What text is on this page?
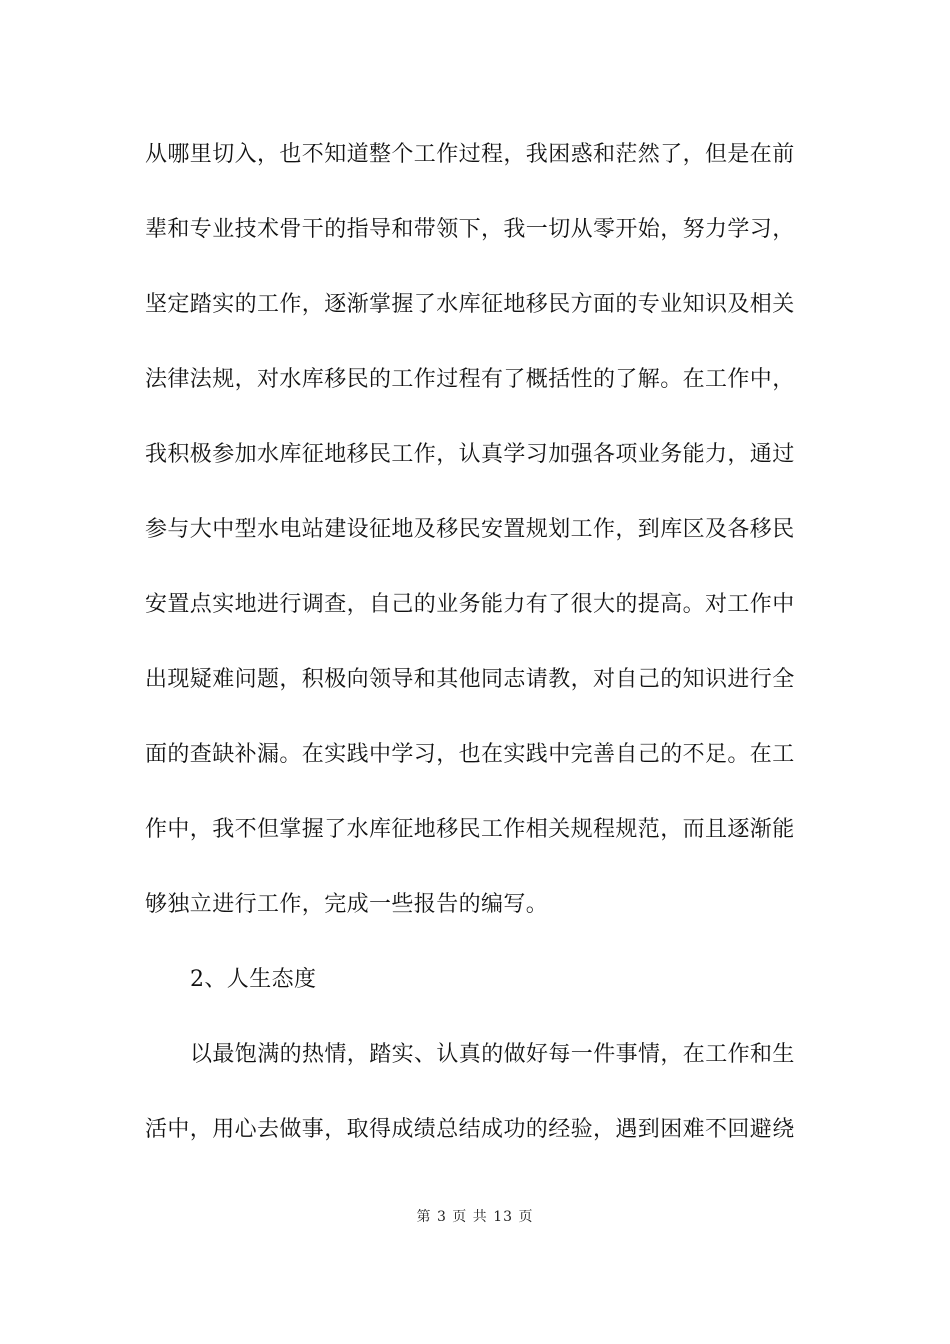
从哪里切入，也不知道整个工作过程，我困惑和茫然了，但是在前
辈和专业技术骨干的指导和带领下，我一切从零开始，努力学习，
坚定踏实的工作，逐渐掌握了水库征地移民方面的专业知识及相关
法律法规，对水库移民的工作过程有了概括性的了解。在工作中，
我积极参加水库征地移民工作，认真学习加强各项业务能力，通过
参与大中型水电站建设征地及移民安置规划工作，到库区及各移民
安置点实地进行调查，自己的业务能力有了很大的提高。对工作中
出现疑难问题，积极向领导和其他同志请教，对自己的知识进行全
面的查缺补漏。在实践中学习，也在实践中完善自己的不足。在工
作中，我不但掌握了水库征地移民工作相关规程规范，而且逐渐能
够独立进行工作，完成一些报告的编写。
2、人生态度
以最饱满的热情，踏实、认真的做好每一件事情，在工作和生
活中，用心去做事，取得成绩总结成功的经验，遇到困难不回避绕
第 3 页 共 13 页
